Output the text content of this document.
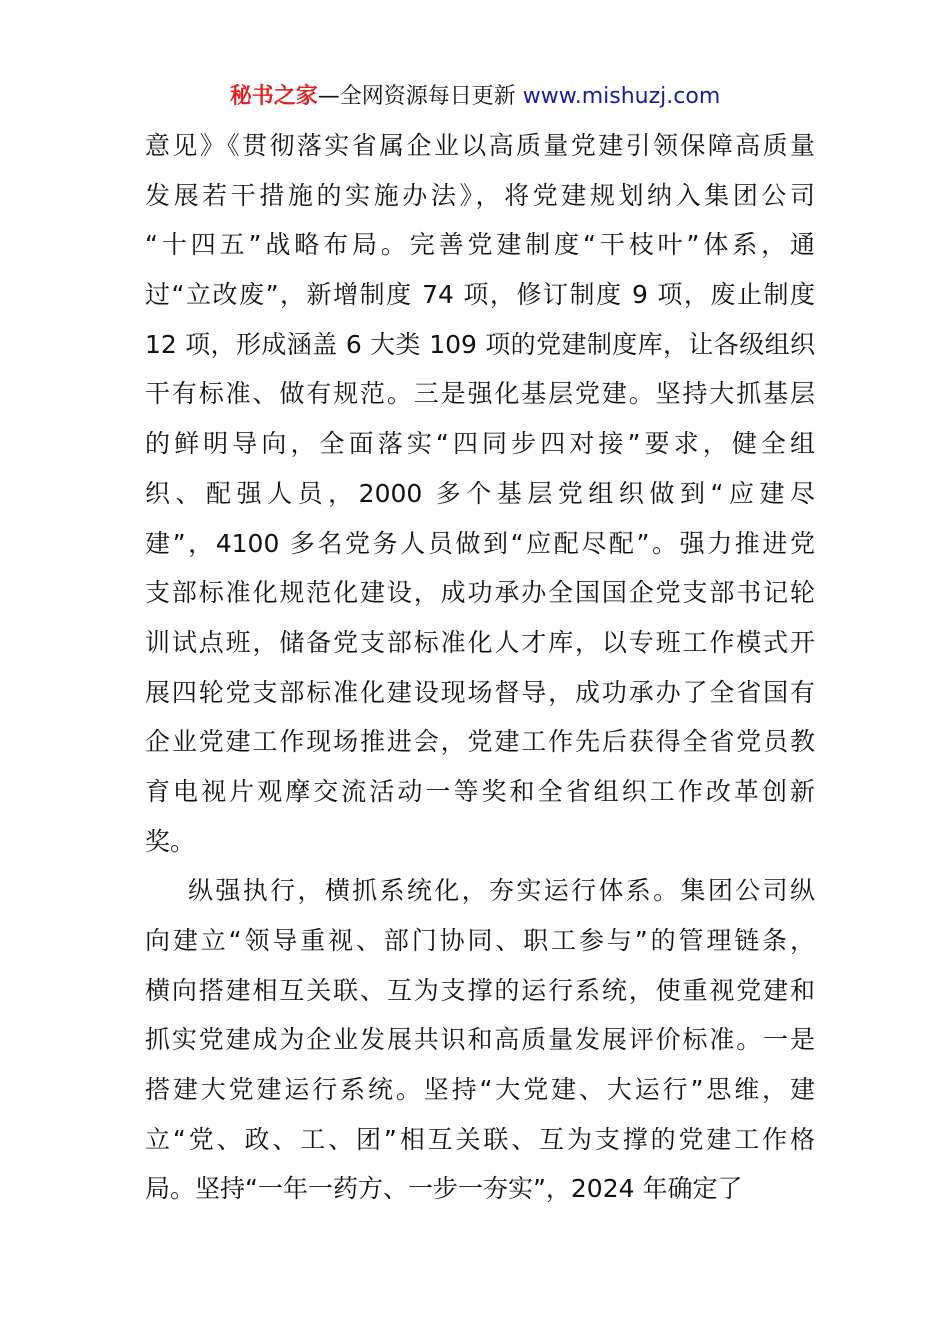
秘书之家—全网资源每日更新 www.mishuzj.com
意见》《贯彻落实省属企业以高质量党建引领保障高质量
发展若干措施的实施办法》，将党建规划纳入集团公司
“十四五”战略布局。完善党建制度“干枝叶”体系，通
过“立改废”，新增制度 74 项，修订制度 9 项，废止制度
12 项，形成涵盖 6 大类 109 项的党建制度库，让各级组织
干有标准、做有规范。三是强化基层党建。坚持大抓基层
的鲜明导向，全面落实“四同步四对接”要求，健全组
织、配强人员，2000 多个基层党组织做到“应建尽
建”，4100 多名党务人员做到“应配尽配”。强力推进党
支部标准化规范化建设，成功承办全国国企党支部书记轮
训试点班，储备党支部标准化人才库，以专班工作模式开
展四轮党支部标准化建设现场督导，成功承办了全省国有
企业党建工作现场推进会，党建工作先后获得全省党员教
育电视片观摩交流活动一等奖和全省组织工作改革创新
奖。
纵强执行，横抓系统化，夯实运行体系。集团公司纵
向建立“领导重视、部门协同、职工参与”的管理链条，
横向搭建相互关联、互为支撑的运行系统，使重视党建和
抓实党建成为企业发展共识和高质量发展评价标准。一是
搭建大党建运行系统。坚持“大党建、大运行”思维，建
立“党、政、工、团”相互关联、互为支撑的党建工作格
局。坚持“一年一药方、一步一夯实”，2024 年确定了
